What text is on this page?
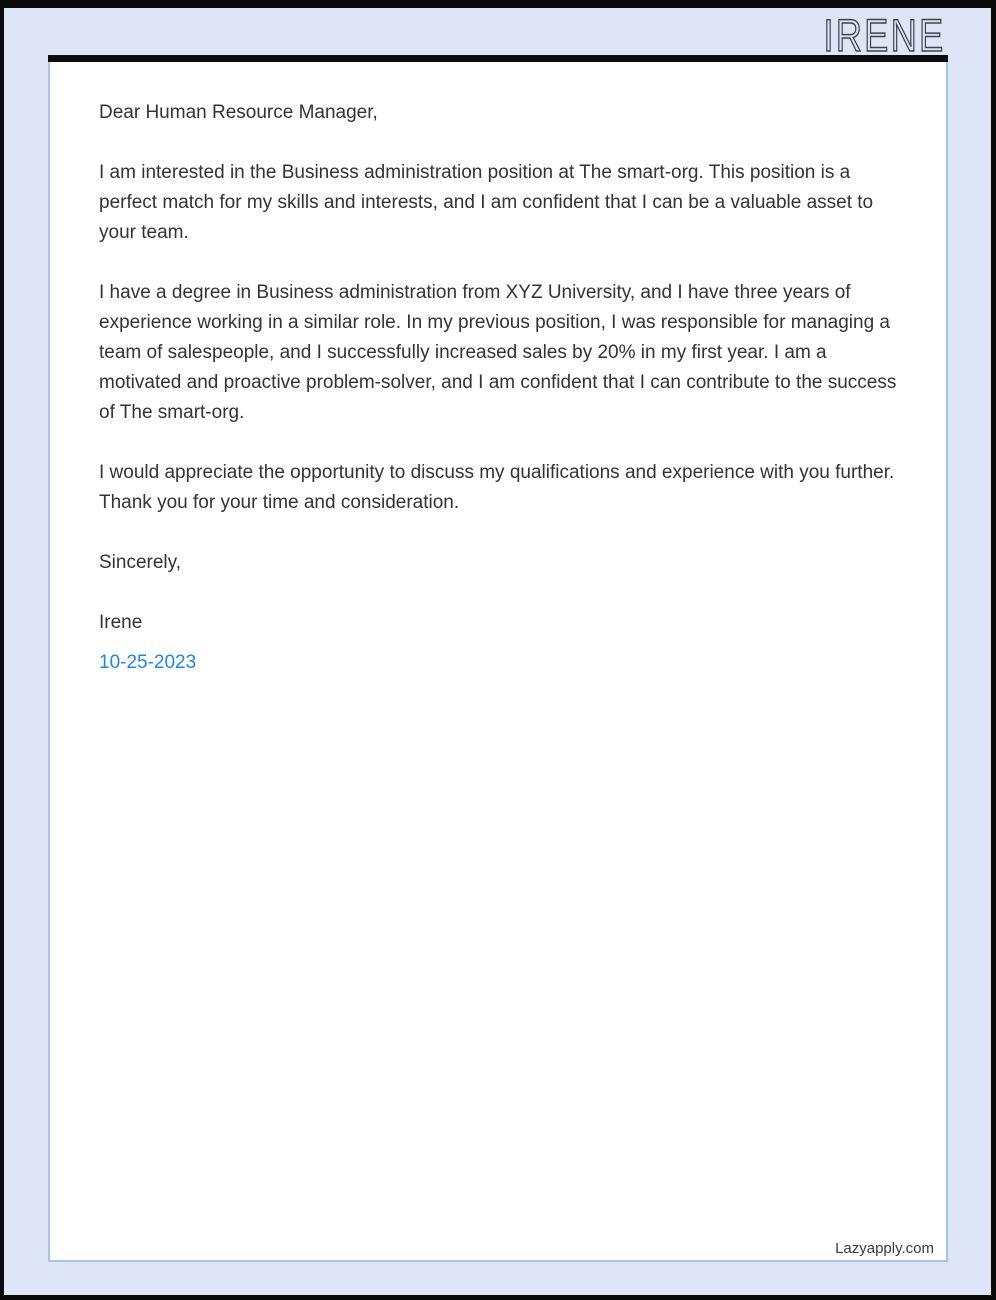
IRENE

Dear Human Resource Manager,

I am interested in the Business administration position at The smart-org. This position is a perfect match for my skills and interests, and I am confident that I can be a valuable asset to your team.

I have a degree in Business administration from XYZ University, and I have three years of experience working in a similar role. In my previous position, I was responsible for managing a team of salespeople, and I successfully increased sales by 20% in my first year. I am a motivated and proactive problem-solver, and I am confident that I can contribute to the success of The smart-org.

I would appreciate the opportunity to discuss my qualifications and experience with you further. Thank you for your time and consideration.

Sincerely,

Irene

10-25-2023

Lazyapply.com
